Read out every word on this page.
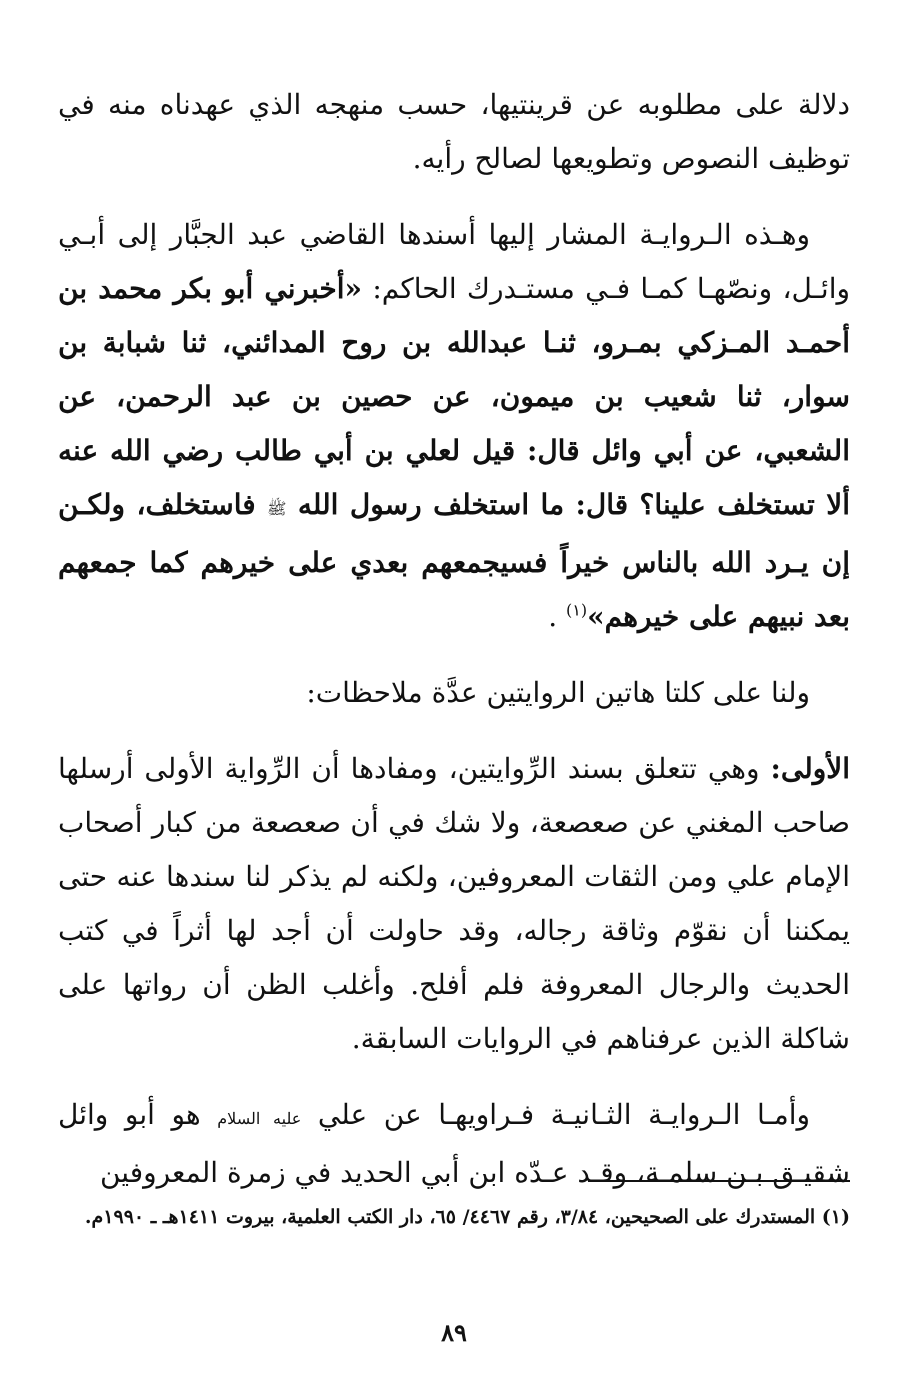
دلالة على مطلوبه عن قرينتيها، حسب منهجه الذي عهدناه منه في توظيف النصوص وتطويعها لصالح رأيه.

وهـذه الـروايـة المشار إليها أسندها القاضي عبد الجبَّار إلى أبـي وائـل، ونصّهـا كمـا فـي مستـدرك الحاكم: «أخبرني أبو بكر محمد بن أحمـد المـزكي بمـرو، ثنـا عبدالله بن روح المدائني، ثنا شبابة بن سوار، ثنا شعيب بن ميمون، عن حصين بن عبد الرحمن، عن الشعبي، عن أبي وائل قال: قيل لعلي بن أبي طالب رضي الله عنه ألا تستخلف علينا؟ قال: ما استخلف رسول الله ﷺ فاستخلف، ولكـن إن يـرد الله بالناس خيراً فسيجمعهم بعدي على خيرهم كما جمعهم بعد نبيهم على خيرهم»$^{(١)}$ .

ولنا على كلتا هاتين الروايتين عدَّة ملاحظات:

الأولى: وهي تتعلق بسند الرِّوايتين، ومفادها أن الرِّواية الأولى أرسلها صاحب المغني عن صعصعة، ولا شك في أن صعصعة من كبار أصحاب الإمام علي ومن الثقات المعروفين، ولكنه لم يذكر لنا سندها عنه حتى يمكننا أن نقوّم وثاقة رجاله، وقد حاولت أن أجد لها أثراً في كتب الحديث والرجال المعروفة فلم أفلح. وأغلب الظن أن رواتها على شاكلة الذين عرفناهم في الروايات السابقة.

وأمـا الـروايـة الثـانيـة فـراويهـا عن علي عليه السلام هو أبو وائل شقيـق بـن سلمـة، وقـد عـدّه ابن أبي الحديد في زمرة المعروفين

(١) المستدرك على الصحيحين، ٣/٨٤، رقم ٤٤٦٧/ ٦٥، دار الكتب العلمية، بيروت ١٤١١هـ ـ ١٩٩٠م.
٨٩
